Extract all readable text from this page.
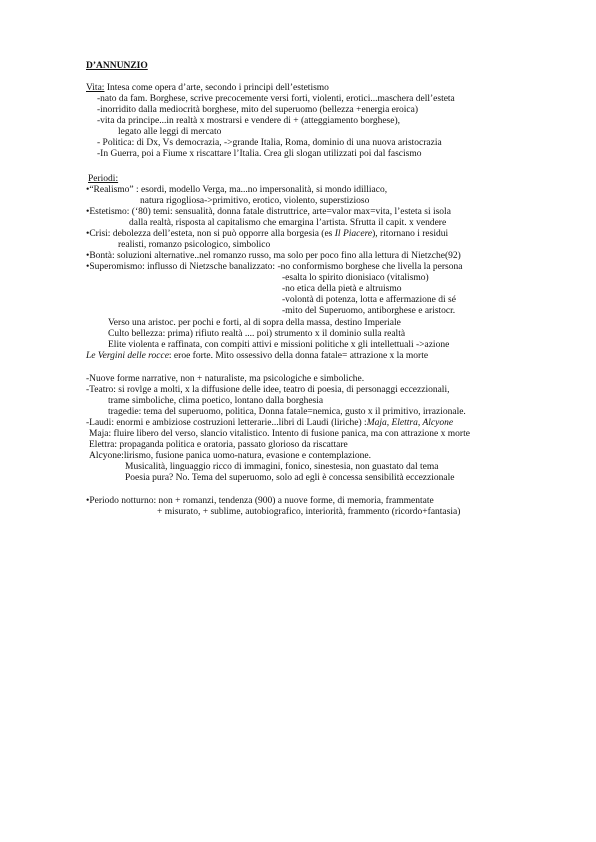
D’ANNUNZIO
Vita: Intesa come opera d’arte, secondo i principi dell’estetismo
-nato da fam. Borghese, scrive precocemente versi forti, violenti, erotici...maschera dell’esteta
-inorridito dalla mediocrità borghese, mito del superuomo (bellezza +energia eroica)
-vita da principe...in realtà x mostrarsi e vendere di + (atteggiamento borghese),
legato alle leggi di mercato
- Politica: di Dx, Vs democrazia, ->grande Italia, Roma, dominio di una nuova aristocrazia
-In Guerra, poi a Fiume x riscattare l’Italia. Crea gli slogan utilizzati poi dal fascismo
Periodi:
•“Realismo” : esordi, modello Verga, ma...no impersonalità, si mondo idilliaco,
natura rigogliosa->primitivo, erotico, violento, superstizioso
•Estetismo: (‘80) temi: sensualità, donna fatale distruttrice, arte=valor max=vita, l’esteta si isola
dalla realtà, risposta al capitalismo che emargina l’artista. Sfrutta il capit. x vendere
•Crisi: debolezza dell’esteta, non si può opporre alla borgesia (es Il Piacere), ritornano i residui
realisti, romanzo psicologico, simbolico
•Bontà: soluzioni alternative..nel romanzo russo, ma solo per poco fino alla lettura di Nietzche(92)
•Superomismo: influsso di Nietzsche banalizzato: -no conformismo borghese che livella la persona
-esalta lo spirito dionisiaco (vitalismo)
-no etica della pietà e altruismo
-volontà di potenza, lotta e affermazione di sé
-mito del Superuomo, antiborghese e aristocr.
Verso una aristoc. per pochi e forti, al di sopra della massa, destino Imperiale
Culto bellezza: prima) rifiuto realtà .... poi) strumento x il dominio sulla realtà
Elite violenta e raffinata, con compiti attivi e missioni politiche x gli intellettuali ->azione
Le Vergini delle rocce: eroe forte. Mito ossessivo della donna fatale= attrazione x la morte
-Nuove forme narrative, non + naturaliste, ma psicologiche e simboliche.
-Teatro: si rovlge a molti, x la diffusione delle idee, teatro di poesia, di personaggi eccezzionali,
trame simboliche, clima poetico, lontano dalla borghesia
tragedie: tema del superuomo, politica, Donna fatale=nemica, gusto x il primitivo, irrazionale.
-Laudi: enormi e ambiziose costruzioni letterarie...libri di Laudi (liriche) :Maja, Elettra, Alcyone
Maja: fluire libero del verso, slancio vitalistico. Intento di fusione panica, ma con attrazione x morte
Elettra: propaganda politica e oratoria, passato glorioso da riscattare
Alcyone:lirismo, fusione panica uomo-natura, evasione e contemplazione.
Musicalità, linguaggio ricco di immagini, fonico, sinestesia, non guastato dal tema
Poesia pura? No. Tema del superuomo, solo ad egli è concessa sensibilità eccezzionale
•Periodo notturno: non + romanzi, tendenza (900) a nuove forme, di memoria, frammentate
+ misurato, + sublime, autobiografico, interiorità, frammento (ricordo+fantasia)
